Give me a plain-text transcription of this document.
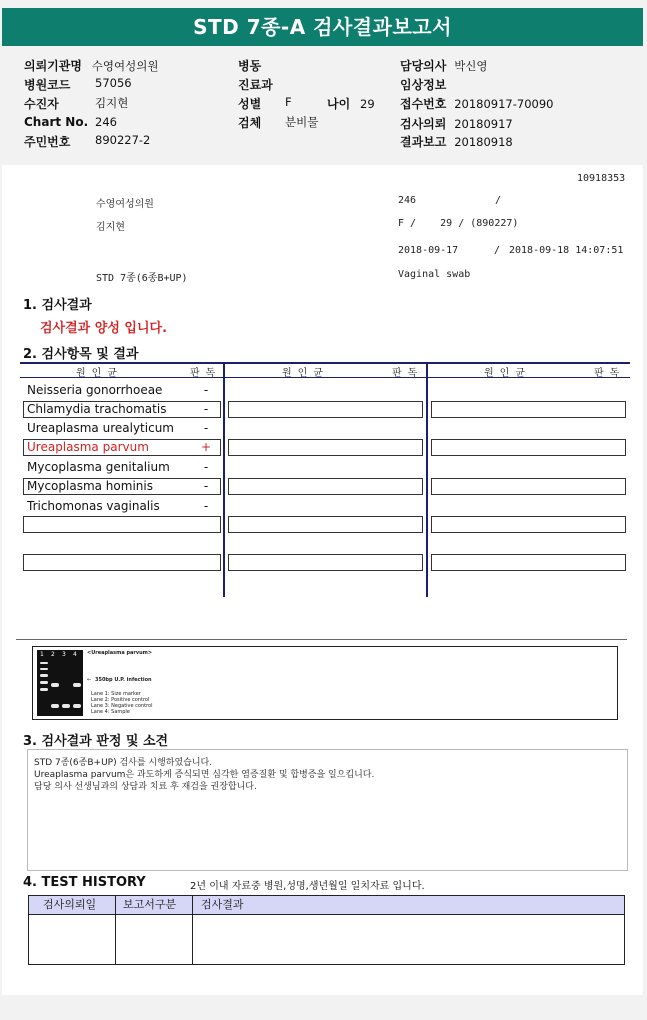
STD 7종-A 검사결과보고서
의뢰기관명 수영여성의원
병원코드 57056
수진자	김지현
Chart No. 246
주민번호 890227-2
병동
진료과
성별 F	나이 29
검체 분비물
담당의사 박신영
임상정보
접수번호 20180917-70090
검사의뢰 20180917
결과보고 20180918
10918353
수영여성의원	246	/
김지현	F /    29 / (890227)
2018-09-17	/ 2018-09-18 14:07:51
STD 7종(6종B+UP)	Vaginal swab
1. 검사결과
검사결과 양성 입니다.
2. 검사항목 및 결과
원인균	판독	원인균	판독	원인균	판독
Neisseria gonorrhoeae	-
Chlamydia trachomatis	-
Ureaplasma urealyticum	-
Ureaplasma parvum	+
Mycoplasma genitalium	-
Mycoplasma hominis	-
Trichomonas vaginalis	-
1 2 3 4 <Ureaplasma parvum>
← 350bp U.P. infection
Lane 1: Size marker
Lane 2: Positive control
Lane 3: Negative control
Lane 4: Sample
3. 검사결과 판정 및 소견
STD 7종(6종B+UP) 검사를 시행하였습니다.
Ureaplasma parvum은 과도하게 증식되면 심각한 염증질환 및 합병증을 일으킵니다.
담당 의사 선생님과의 상담과 치료 후 재검을 권장합니다.
4. TEST HISTORY	2년 이내 자료중 병원,성명,생년월일 일치자료 입니다.
검사의뢰일 보고서구분 검사결과
